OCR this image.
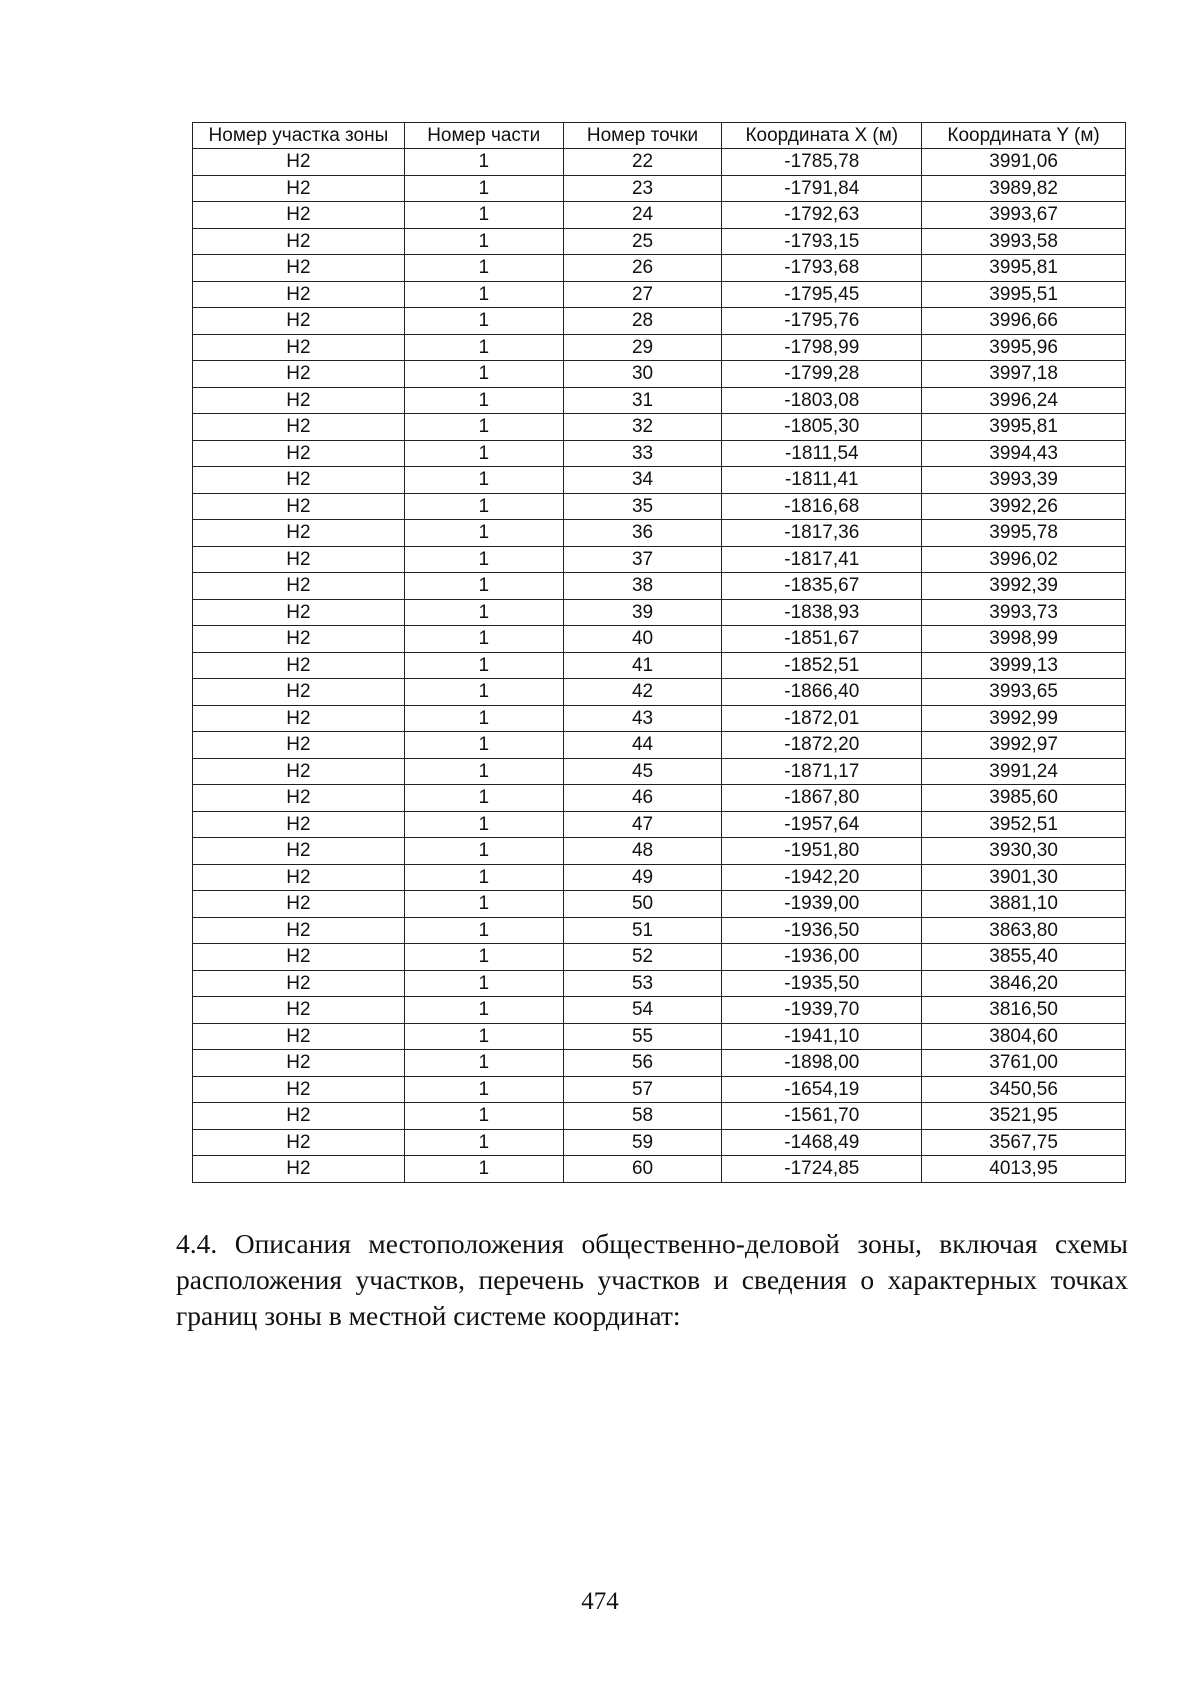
Номер участка зоны	Номер части	Номер точки	Координата X (м)	Координата Y (м)
Н2	1	22	-1785,78	3991,06
Н2	1	23	-1791,84	3989,82
Н2	1	24	-1792,63	3993,67
Н2	1	25	-1793,15	3993,58
Н2	1	26	-1793,68	3995,81
Н2	1	27	-1795,45	3995,51
Н2	1	28	-1795,76	3996,66
Н2	1	29	-1798,99	3995,96
Н2	1	30	-1799,28	3997,18
Н2	1	31	-1803,08	3996,24
Н2	1	32	-1805,30	3995,81
Н2	1	33	-1811,54	3994,43
Н2	1	34	-1811,41	3993,39
Н2	1	35	-1816,68	3992,26
Н2	1	36	-1817,36	3995,78
Н2	1	37	-1817,41	3996,02
Н2	1	38	-1835,67	3992,39
Н2	1	39	-1838,93	3993,73
Н2	1	40	-1851,67	3998,99
Н2	1	41	-1852,51	3999,13
Н2	1	42	-1866,40	3993,65
Н2	1	43	-1872,01	3992,99
Н2	1	44	-1872,20	3992,97
Н2	1	45	-1871,17	3991,24
Н2	1	46	-1867,80	3985,60
Н2	1	47	-1957,64	3952,51
Н2	1	48	-1951,80	3930,30
Н2	1	49	-1942,20	3901,30
Н2	1	50	-1939,00	3881,10
Н2	1	51	-1936,50	3863,80
Н2	1	52	-1936,00	3855,40
Н2	1	53	-1935,50	3846,20
Н2	1	54	-1939,70	3816,50
Н2	1	55	-1941,10	3804,60
Н2	1	56	-1898,00	3761,00
Н2	1	57	-1654,19	3450,56
Н2	1	58	-1561,70	3521,95
Н2	1	59	-1468,49	3567,75
Н2	1	60	-1724,85	4013,95

4.4. Описания местоположения общественно-деловой зоны, включая схемы расположения участков, перечень участков и сведения о характерных точках границ зоны в местной системе координат:

474
